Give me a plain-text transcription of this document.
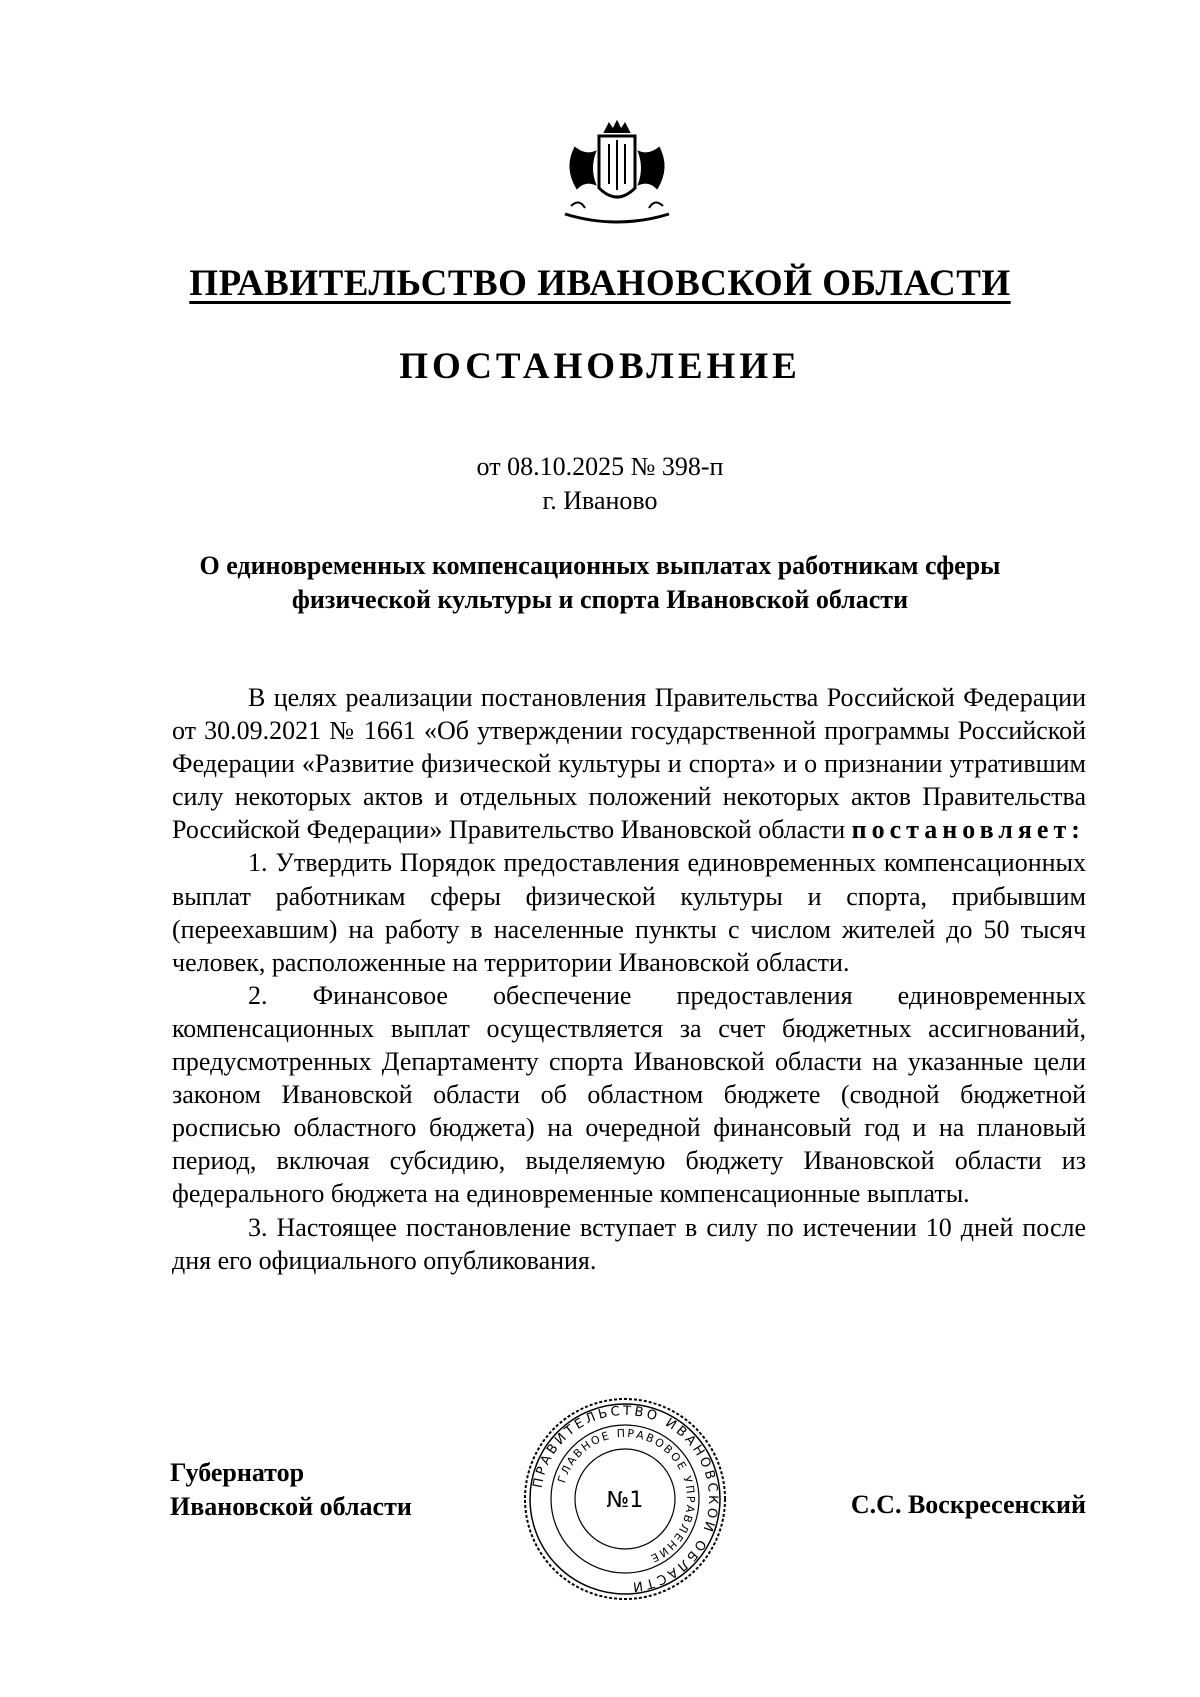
ПРАВИТЕЛЬСТВО ИВАНОВСКОЙ ОБЛАСТИ
ПОСТАНОВЛЕНИЕ
от 08.10.2025 № 398-п
г. Иваново
О единовременных компенсационных выплатах работникам сферы
физической культуры и спорта Ивановской области

В целях реализации постановления Правительства Российской Федерации от 30.09.2021 № 1661 «Об утверждении государственной программы Российской Федерации «Развитие физической культуры и спорта» и о признании утратившим силу некоторых актов и отдельных положений некоторых актов Правительства Российской Федерации» Правительство Ивановской области постановляет:

1. Утвердить Порядок предоставления единовременных компенсационных выплат работникам сферы физической культуры и спорта, прибывшим (переехавшим) на работу в населенные пункты с числом жителей до 50 тысяч человек, расположенные на территории Ивановской области.

2. Финансовое обеспечение предоставления единовременных компенсационных выплат осуществляется за счет бюджетных ассигнований, предусмотренных Департаменту спорта Ивановской области на указанные цели законом Ивановской области об областном бюджете (сводной бюджетной росписью областного бюджета) на очередной финансовый год и на плановый период, включая субсидию, выделяемую бюджету Ивановской области из федерального бюджета на единовременные компенсационные выплаты.

3. Настоящее постановление вступает в силу по истечении 10 дней после дня его официального опубликования.

Губернатор
Ивановской области
ПРАВИТЕЛЬСТВО ИВАНОВСКОЙ ОБЛАСТИ
ГЛАВНОЕ ПРАВОВОЕ УПРАВЛЕНИЕ
№1	С.С. Воскресенский
